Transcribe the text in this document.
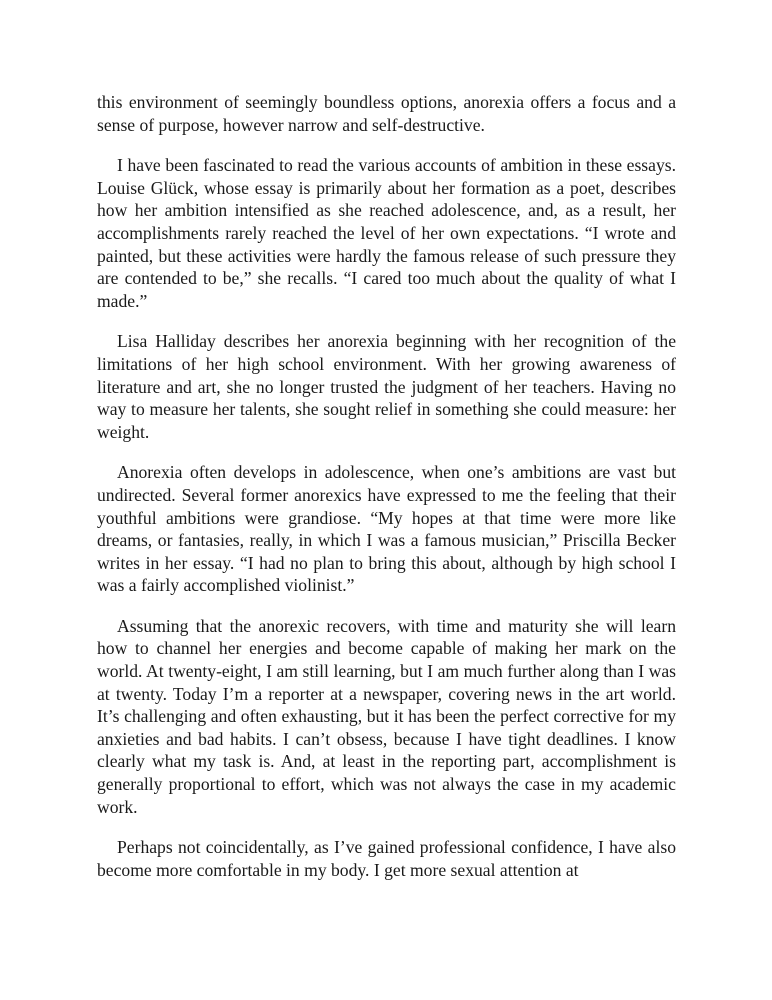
this environment of seemingly boundless options, anorexia offers a focus and a sense of purpose, however narrow and self-destructive.

I have been fascinated to read the various accounts of ambition in these essays. Louise Glück, whose essay is primarily about her formation as a poet, describes how her ambition intensified as she reached adolescence, and, as a result, her accomplishments rarely reached the level of her own expectations. “I wrote and painted, but these activities were hardly the famous release of such pressure they are contended to be,” she recalls. “I cared too much about the quality of what I made.”

Lisa Halliday describes her anorexia beginning with her recognition of the limitations of her high school environment. With her growing awareness of literature and art, she no longer trusted the judgment of her teachers. Having no way to measure her talents, she sought relief in something she could measure: her weight.

Anorexia often develops in adolescence, when one’s ambitions are vast but undirected. Several former anorexics have expressed to me the feeling that their youthful ambitions were grandiose. “My hopes at that time were more like dreams, or fantasies, really, in which I was a famous musician,” Priscilla Becker writes in her essay. “I had no plan to bring this about, although by high school I was a fairly accomplished violinist.”

Assuming that the anorexic recovers, with time and maturity she will learn how to channel her energies and become capable of making her mark on the world. At twenty-eight, I am still learning, but I am much further along than I was at twenty. Today I’m a reporter at a newspaper, covering news in the art world. It’s challenging and often exhausting, but it has been the perfect corrective for my anxieties and bad habits. I can’t obsess, because I have tight deadlines. I know clearly what my task is. And, at least in the reporting part, accomplishment is generally proportional to effort, which was not always the case in my academic work.

Perhaps not coincidentally, as I’ve gained professional confidence, I have also become more comfortable in my body. I get more sexual attention at
